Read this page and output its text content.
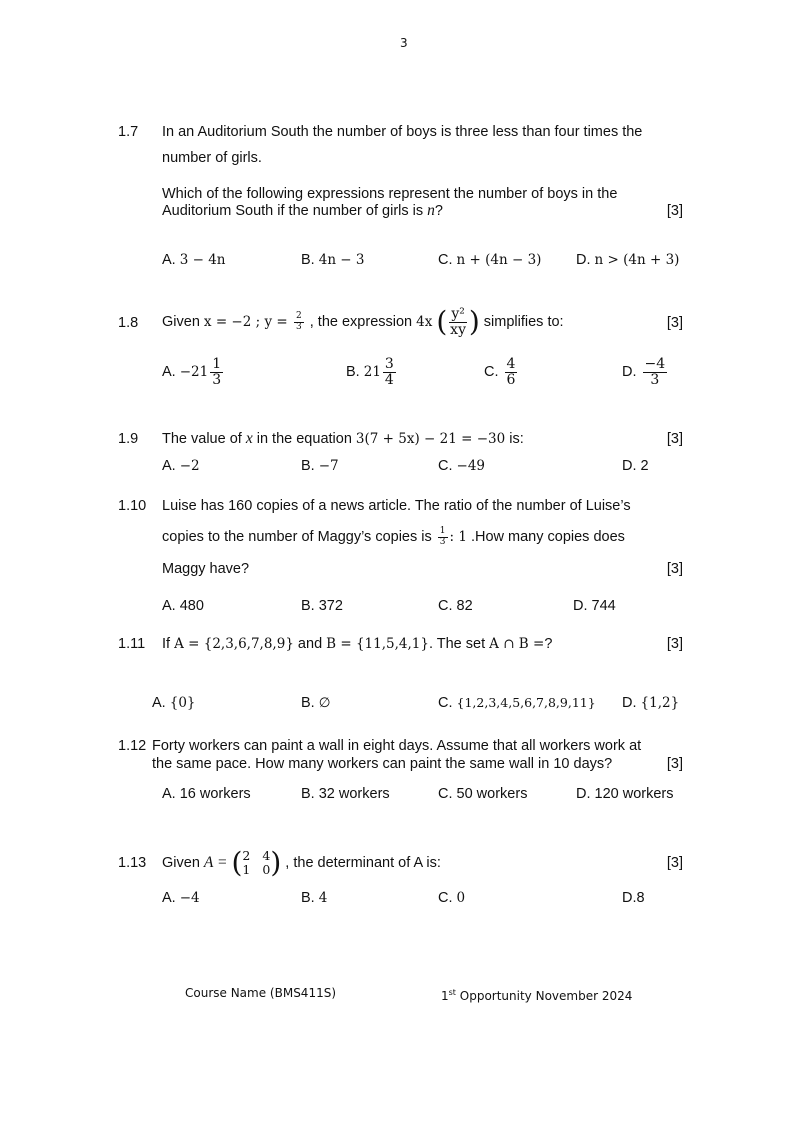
3
1.7 In an Auditorium South the number of boys is three less than four times the
number of girls.
Which of the following expressions represent the number of boys in the
Auditorium South if the number of girls is n?	[3]
A. 3 − 4n	B. 4n − 3	C. n + (4n − 3) D. n > (4n + 3)
1.8 Given x = −2 ; $y = \frac{2}{3}$ , the expression 4x ( $\frac{\text{y²}}{xy}$ ) simplifies to:	[3]
A. $-21 \frac{1}{3}$	B. $21 \frac{3}{4}$	C. $\frac{4}{6}$	D. $\frac{-4}{3}$
1.9 The value of x in the equation 3(7 + 5x) − 21 = −30 is:	[3]
A. −2	B. −7	C. −49	D. 2
1.10 Luise has 160 copies of a news article. The ratio of the number of Luise’s
copies to the number of Maggy’s copies is $\frac{1}{3}$ : 1 .How many copies does
Maggy have?	[3]
A. 480	B. 372	C. 82	D. 744
1.11 If A = {2,3,6,7,8,9} and B = {11,5,4,1}. The set A ∩ B =?	[3]
A. {0}	B. ∅	C. {1,2,3,4,5,6,7,8,9,11} D. {1,2}
1.12 Forty workers can paint a wall in eight days. Assume that all workers work at
the same pace. How many workers can paint the same wall in 10 days?	[3]
A. 16 workers	B. 32 workers	C. 50 workers	D. 120 workers
1.13 Given A = ( 2 4
1 0 ) , the determinant of A is:	[3]
A. −4	B. 4	C. 0	D.8
Course Name (BMS411S)	1st Opportunity November 2024
